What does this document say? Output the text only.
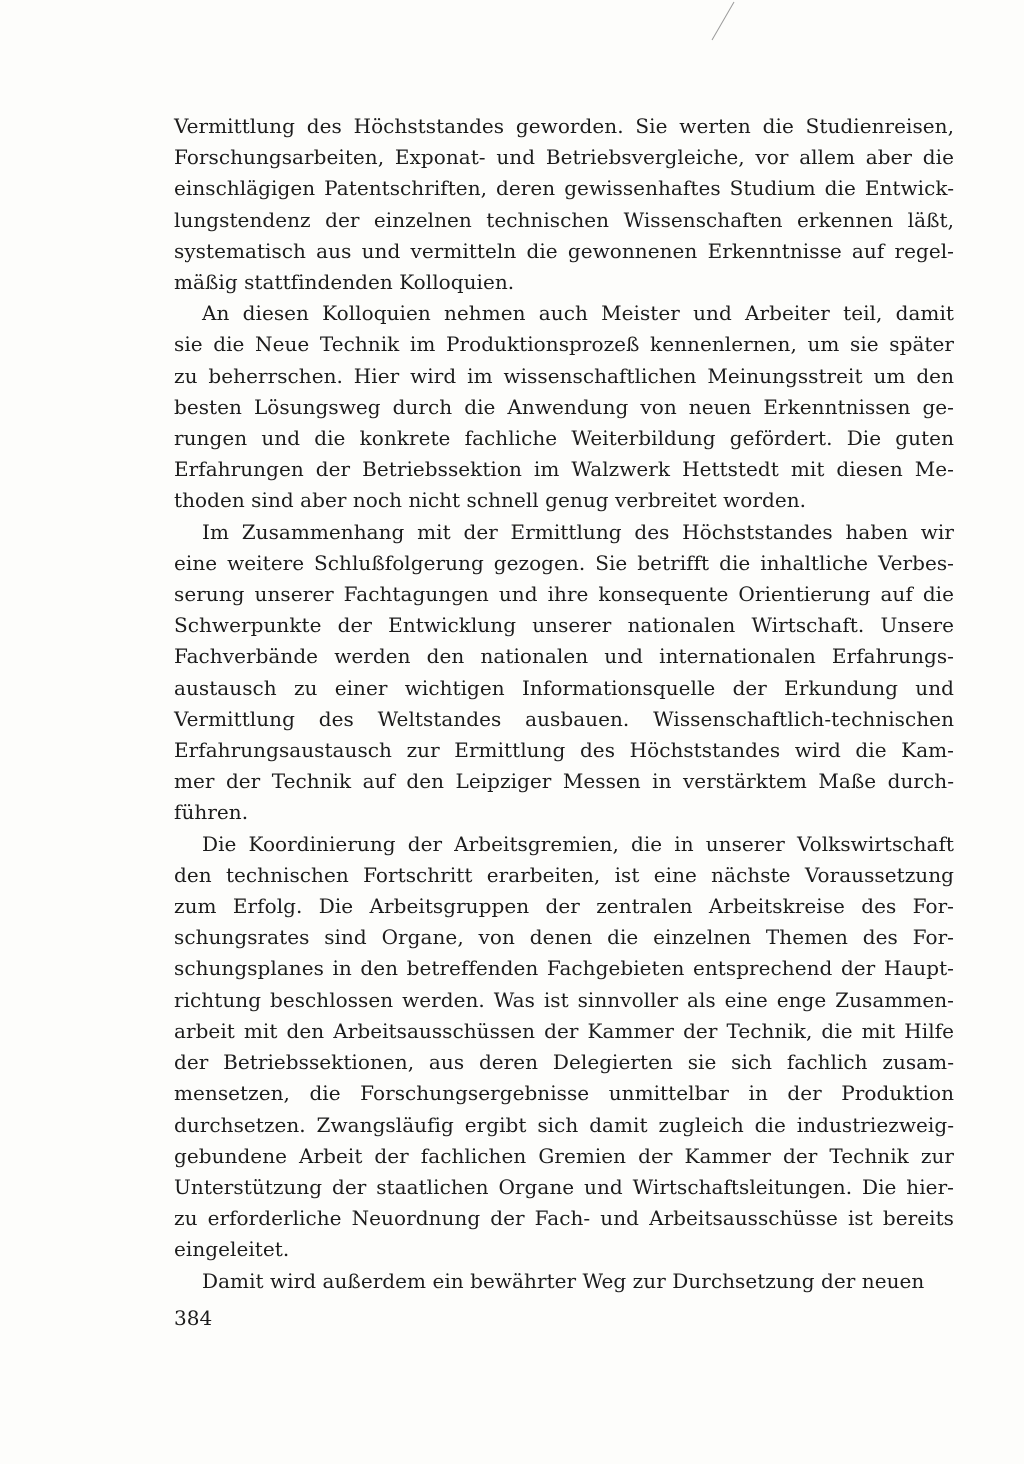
Vermittlung des Höchststandes geworden. Sie werten die Studienreisen,
Forschungsarbeiten, Exponat- und Betriebsvergleiche, vor allem aber die
einschlägigen Patentschriften, deren gewissenhaftes Studium die Entwick-
lungstendenz der einzelnen technischen Wissenschaften erkennen läßt,
systematisch aus und vermitteln die gewonnenen Erkenntnisse auf regel-
mäßig stattfindenden Kolloquien.
An diesen Kolloquien nehmen auch Meister und Arbeiter teil, damit
sie die Neue Technik im Produktionsprozeß kennenlernen, um sie später
zu beherrschen. Hier wird im wissenschaftlichen Meinungsstreit um den
besten Lösungsweg durch die Anwendung von neuen Erkenntnissen ge-
rungen und die konkrete fachliche Weiterbildung gefördert. Die guten
Erfahrungen der Betriebssektion im Walzwerk Hettstedt mit diesen Me-
thoden sind aber noch nicht schnell genug verbreitet worden.
Im Zusammenhang mit der Ermittlung des Höchststandes haben wir
eine weitere Schlußfolgerung gezogen. Sie betrifft die inhaltliche Verbes-
serung unserer Fachtagungen und ihre konsequente Orientierung auf die
Schwerpunkte der Entwicklung unserer nationalen Wirtschaft. Unsere
Fachverbände werden den nationalen und internationalen Erfahrungs-
austausch zu einer wichtigen Informationsquelle der Erkundung und
Vermittlung des Weltstandes ausbauen. Wissenschaftlich-technischen
Erfahrungsaustausch zur Ermittlung des Höchststandes wird die Kam-
mer der Technik auf den Leipziger Messen in verstärktem Maße durch-
führen.
Die Koordinierung der Arbeitsgremien, die in unserer Volkswirtschaft
den technischen Fortschritt erarbeiten, ist eine nächste Voraussetzung
zum Erfolg. Die Arbeitsgruppen der zentralen Arbeitskreise des For-
schungsrates sind Organe, von denen die einzelnen Themen des For-
schungsplanes in den betreffenden Fachgebieten entsprechend der Haupt-
richtung beschlossen werden. Was ist sinnvoller als eine enge Zusammen-
arbeit mit den Arbeitsausschüssen der Kammer der Technik, die mit Hilfe
der Betriebssektionen, aus deren Delegierten sie sich fachlich zusam-
mensetzen, die Forschungsergebnisse unmittelbar in der Produktion
durchsetzen. Zwangsläufig ergibt sich damit zugleich die industriezweig-
gebundene Arbeit der fachlichen Gremien der Kammer der Technik zur
Unterstützung der staatlichen Organe und Wirtschaftsleitungen. Die hier-
zu erforderliche Neuordnung der Fach- und Arbeitsausschüsse ist bereits
eingeleitet.
Damit wird außerdem ein bewährter Weg zur Durchsetzung der neuen
384
